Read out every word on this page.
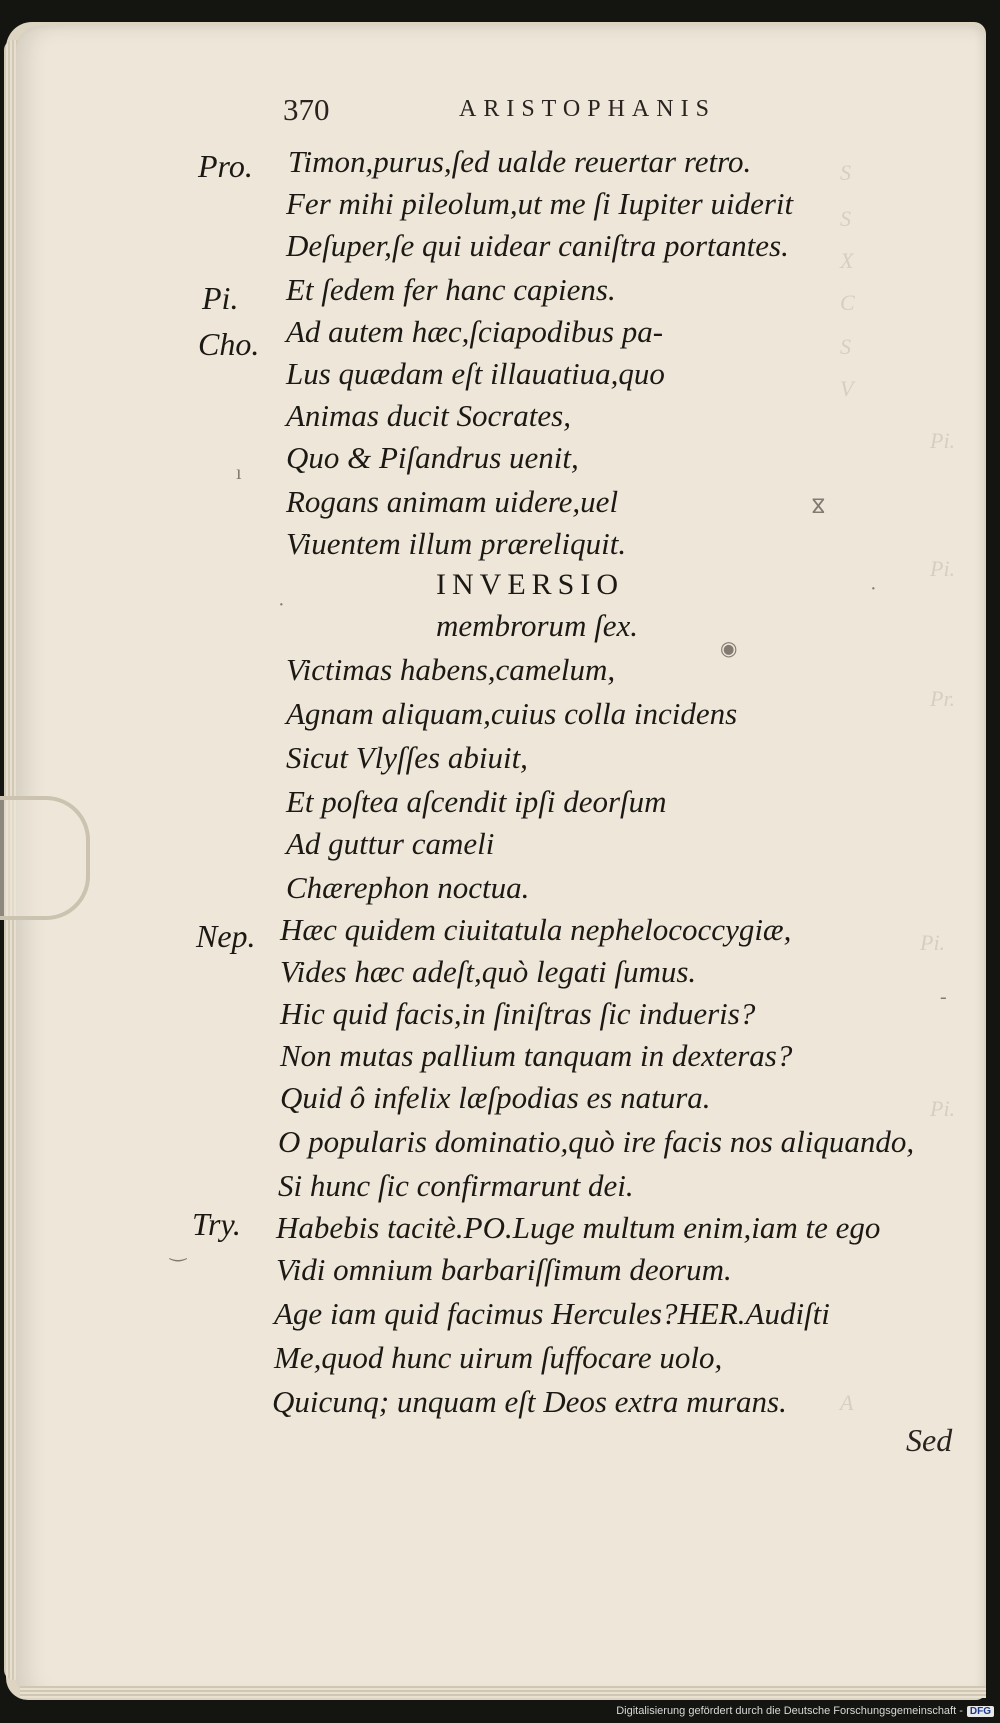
S
S
X
C
S
V
Pi.
Pi.
Pr.
Pi.
Pi.
A
370	ARISTOPHANIS
Pro.
Pi.
Cho.
Nep.
Try.
Timon,purus,ſed ualde reuertar retro.
Fer mihi pileolum,ut me ſi Iupiter uiderit
Deſuper,ſe qui uidear caniſtra portantes.
Et ſedem fer hanc capiens.
Ad autem hæc,ſciapodibus pa-
Lus quædam eſt illauatiua,quo
Animas ducit Socrates,
Quo & Piſandrus uenit,
Rogans animam uidere,uel
Viuentem illum præreliquit.
INVERSIO
membrorum ſex.
Victimas habens,camelum,
Agnam aliquam,cuius colla incidens
Sicut Vlyſſes abiuit,
Et poſtea aſcendit ipſi deorſum
Ad guttur cameli
Chærephon noctua.
Hæc quidem ciuitatula nephelococcygiæ,
Vides hæc adeſt,quò legati ſumus.
Hic quid facis,in ſiniſtras ſic indueris?
Non mutas pallium tanquam in dexteras?
Quid ô infelix læſpodias es natura.
O popularis dominatio,quò ire facis nos aliquando,
Si hunc ſic confirmarunt dei.
Habebis tacitè.PO.Luge multum enim,iam te ego
Vidi omnium barbariſſimum deorum.
Age iam quid facimus Hercules?HER.Audiſti
Me,quod hunc uirum ſuffocare uolo,
Quicunq; unquam eſt Deos extra murans.
Sed
ı
ⴵ
◉
·
·
‿
-
Digitalisierung gefördert durch die Deutsche Forschungsgemeinschaft - DFG
